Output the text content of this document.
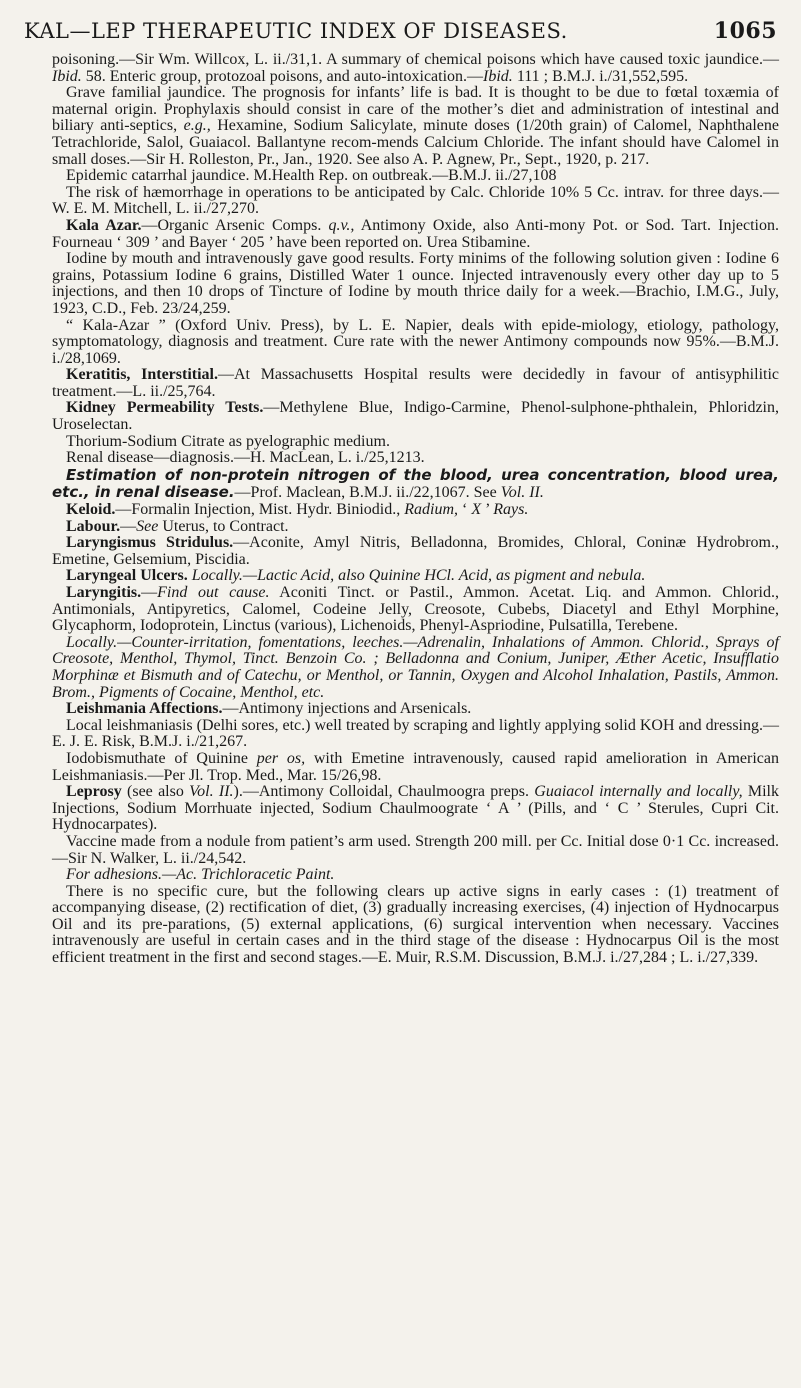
KAL—LEP THERAPEUTIC INDEX OF DISEASES.	1065

poisoning.—Sir Wm. Willcox, L. ii./31,1. A summary of chemical poisons which have caused toxic jaundice.—Ibid. 58. Enteric group, protozoal poisons, and auto-intoxication.—Ibid. 111 ; B.M.J. i./31,552,595.

Grave familial jaundice. The prognosis for infants’ life is bad. It is thought to be due to fœtal toxæmia of maternal origin. Prophylaxis should consist in care of the mother’s diet and administration of intestinal and biliary anti-septics, e.g., Hexamine, Sodium Salicylate, minute doses (1/20th grain) of Calomel, Naphthalene Tetrachloride, Salol, Guaiacol. Ballantyne recom-mends Calcium Chloride. The infant should have Calomel in small doses.—Sir H. Rolleston, Pr., Jan., 1920. See also A. P. Agnew, Pr., Sept., 1920, p. 217.

Epidemic catarrhal jaundice. M.Health Rep. on outbreak.—B.M.J. ii./27,108

The risk of hæmorrhage in operations to be anticipated by Calc. Chloride 10% 5 Cc. intrav. for three days.—W. E. M. Mitchell, L. ii./27,270.

Kala Azar.—Organic Arsenic Comps. q.v., Antimony Oxide, also Anti-mony Pot. or Sod. Tart. Injection. Fourneau ‘ 309 ’ and Bayer ‘ 205 ’ have been reported on. Urea Stibamine.

Iodine by mouth and intravenously gave good results. Forty minims of the following solution given : Iodine 6 grains, Potassium Iodine 6 grains, Distilled Water 1 ounce. Injected intravenously every other day up to 5 injections, and then 10 drops of Tincture of Iodine by mouth thrice daily for a week.—Brachio, I.M.G., July, 1923, C.D., Feb. 23/24,259.

“ Kala-Azar ” (Oxford Univ. Press), by L. E. Napier, deals with epide-miology, etiology, pathology, symptomatology, diagnosis and treatment. Cure rate with the newer Antimony compounds now 95%.—B.M.J. i./28,1069.

Keratitis, Interstitial.—At Massachusetts Hospital results were decidedly in favour of antisyphilitic treatment.—L. ii./25,764.

Kidney Permeability Tests.—Methylene Blue, Indigo-Carmine, Phenol-sulphone-phthalein, Phloridzin, Uroselectan.

Thorium-Sodium Citrate as pyelographic medium.

Renal disease—diagnosis.—H. MacLean, L. i./25,1213.

Estimation of non-protein nitrogen of the blood, urea concentration, blood urea, etc., in renal disease.—Prof. Maclean, B.M.J. ii./22,1067. See Vol. II.

Keloid.—Formalin Injection, Mist. Hydr. Biniodid., Radium, ‘ X ’ Rays.

Labour.—See Uterus, to Contract.

Laryngismus Stridulus.—Aconite, Amyl Nitris, Belladonna, Bromides, Chloral, Coninæ Hydrobrom., Emetine, Gelsemium, Piscidia.

Laryngeal Ulcers. Locally.—Lactic Acid, also Quinine HCl. Acid, as pigment and nebula.

Laryngitis.—Find out cause. Aconiti Tinct. or Pastil., Ammon. Acetat. Liq. and Ammon. Chlorid., Antimonials, Antipyretics, Calomel, Codeine Jelly, Creosote, Cubebs, Diacetyl and Ethyl Morphine, Glycaphorm, Iodoprotein, Linctus (various), Lichenoids, Phenyl-Aspriodine, Pulsatilla, Terebene.

Locally.—Counter-irritation, fomentations, leeches.—Adrenalin, Inhalations of Ammon. Chlorid., Sprays of Creosote, Menthol, Thymol, Tinct. Benzoin Co. ; Belladonna and Conium, Juniper, Æther Acetic, Insufflatio Morphinæ et Bismuth and of Catechu, or Menthol, or Tannin, Oxygen and Alcohol Inhalation, Pastils, Ammon. Brom., Pigments of Cocaine, Menthol, etc.

Leishmania Affections.—Antimony injections and Arsenicals.

Local leishmaniasis (Delhi sores, etc.) well treated by scraping and lightly applying solid KOH and dressing.—E. J. E. Risk, B.M.J. i./21,267.

Iodobismuthate of Quinine per os, with Emetine intravenously, caused rapid amelioration in American Leishmaniasis.—Per Jl. Trop. Med., Mar. 15/26,98.

Leprosy (see also Vol. II.).—Antimony Colloidal, Chaulmoogra preps. Guaiacol internally and locally, Milk Injections, Sodium Morrhuate injected, Sodium Chaulmoograte ‘ A ’ (Pills, and ‘ C ’ Sterules, Cupri Cit. Hydnocarpates).

Vaccine made from a nodule from patient’s arm used. Strength 200 mill. per Cc. Initial dose 0·1 Cc. increased.—Sir N. Walker, L. ii./24,542.

For adhesions.—Ac. Trichloracetic Paint.

There is no specific cure, but the following clears up active signs in early cases : (1) treatment of accompanying disease, (2) rectification of diet, (3) gradually increasing exercises, (4) injection of Hydnocarpus Oil and its pre-parations, (5) external applications, (6) surgical intervention when necessary. Vaccines intravenously are useful in certain cases and in the third stage of the disease : Hydnocarpus Oil is the most efficient treatment in the first and second stages.—E. Muir, R.S.M. Discussion, B.M.J. i./27,284 ; L. i./27,339.
